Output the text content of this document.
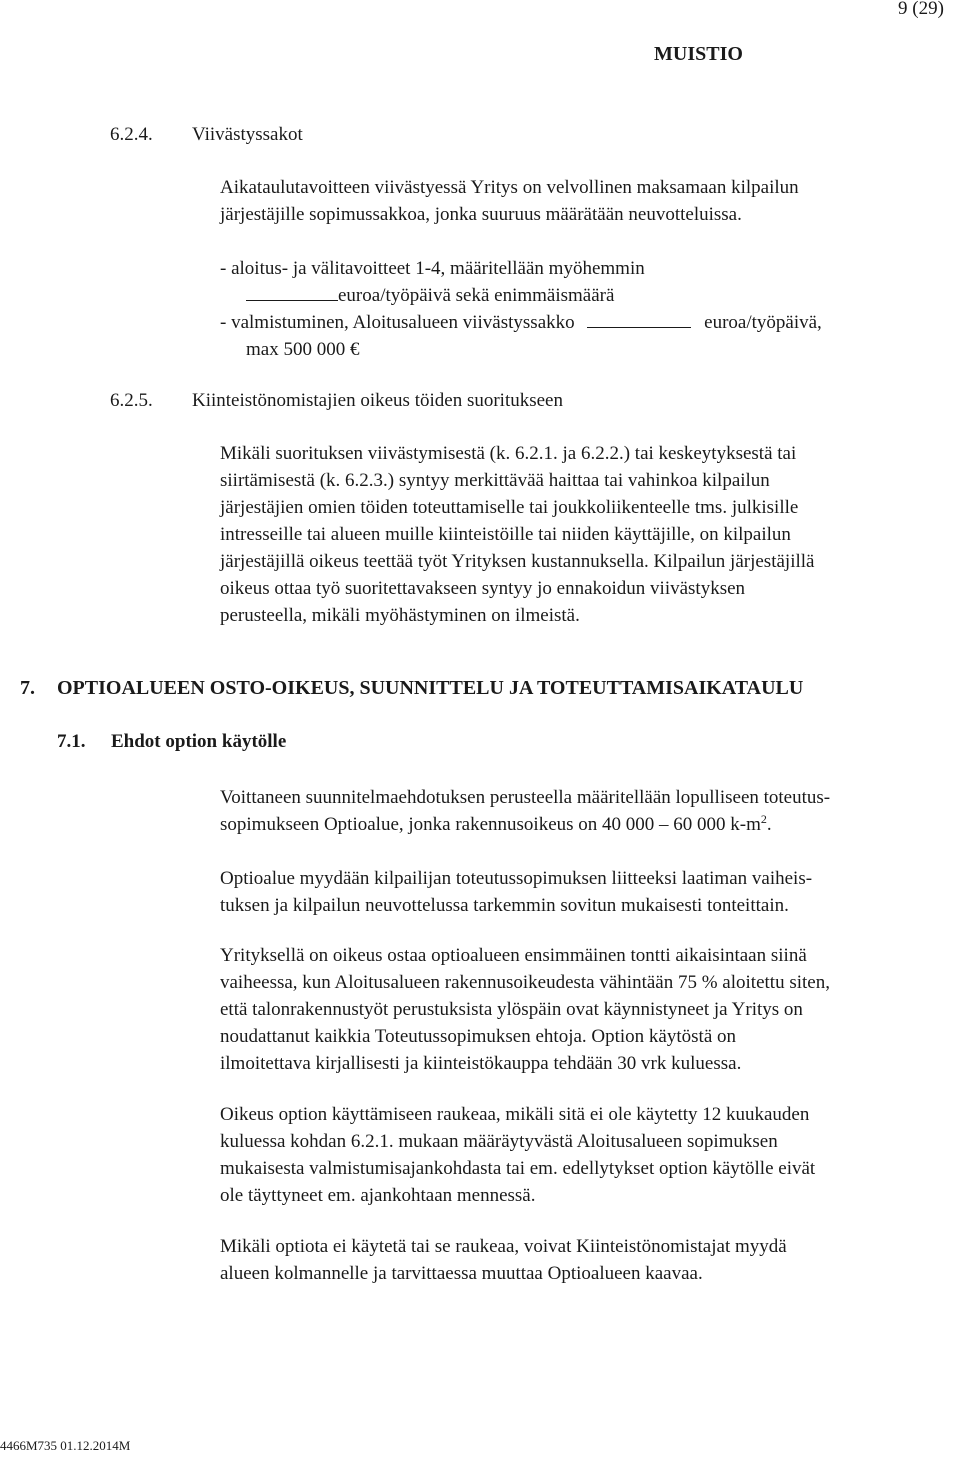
9 (29)
MUISTIO
6.2.4. Viivästyssakot
Aikataulutavoitteen viivästyessä Yritys on velvollinen maksamaan kilpailun
järjestäjille sopimussakkoa, jonka suuruus määrätään neuvotteluissa.
- aloitus- ja välitavoitteet 1-4, määritellään myöhemmin
euroa/työpäivä sekä enimmäismäärä
- valmistuminen, Aloitusalueen viivästyssakko	euroa/työpäivä,
max 500 000 €
6.2.5. Kiinteistönomistajien oikeus töiden suoritukseen
Mikäli suorituksen viivästymisestä (k. 6.2.1. ja 6.2.2.) tai keskeytyksestä tai
siirtämisestä (k. 6.2.3.) syntyy merkittävää haittaa tai vahinkoa kilpailun
järjestäjien omien töiden toteuttamiselle tai joukkoliikenteelle tms. julkisille
intresseille tai alueen muille kiinteistöille tai niiden käyttäjille, on kilpailun
järjestäjillä oikeus teettää työt Yrityksen kustannuksella. Kilpailun järjestäjillä
oikeus ottaa työ suoritettavakseen syntyy jo ennakoidun viivästyksen
perusteella, mikäli myöhästyminen on ilmeistä.
7. OPTIOALUEEN OSTO-OIKEUS, SUUNNITTELU JA TOTEUTTAMISAIKATAULU
7.1. Ehdot option käytölle
Voittaneen suunnitelmaehdotuksen perusteella määritellään lopulliseen toteutus-
sopimukseen Optioalue, jonka rakennusoikeus on 40 000 – 60 000 $k-m^2$.
Optioalue myydään kilpailijan toteutussopimuksen liitteeksi laatiman vaiheis-
tuksen ja kilpailun neuvottelussa tarkemmin sovitun mukaisesti tonteittain.
Yrityksellä on oikeus ostaa optioalueen ensimmäinen tontti aikaisintaan siinä
vaiheessa, kun Aloitusalueen rakennusoikeudesta vähintään 75 % aloitettu siten,
että talonrakennustyöt perustuksista ylöspäin ovat käynnistyneet ja Yritys on
noudattanut kaikkia Toteutussopimuksen ehtoja. Option käytöstä on
ilmoitettava kirjallisesti ja kiinteistökauppa tehdään 30 vrk kuluessa.
Oikeus option käyttämiseen raukeaa, mikäli sitä ei ole käytetty 12 kuukauden
kuluessa kohdan 6.2.1. mukaan määräytyvästä Aloitusalueen sopimuksen
mukaisesta valmistumisajankohdasta tai em. edellytykset option käytölle eivät
ole täyttyneet em. ajankohtaan mennessä.
Mikäli optiota ei käytetä tai se raukeaa, voivat Kiinteistönomistajat myydä
alueen kolmannelle ja tarvittaessa muuttaa Optioalueen kaavaa.
4466M735 01.12.2014M
